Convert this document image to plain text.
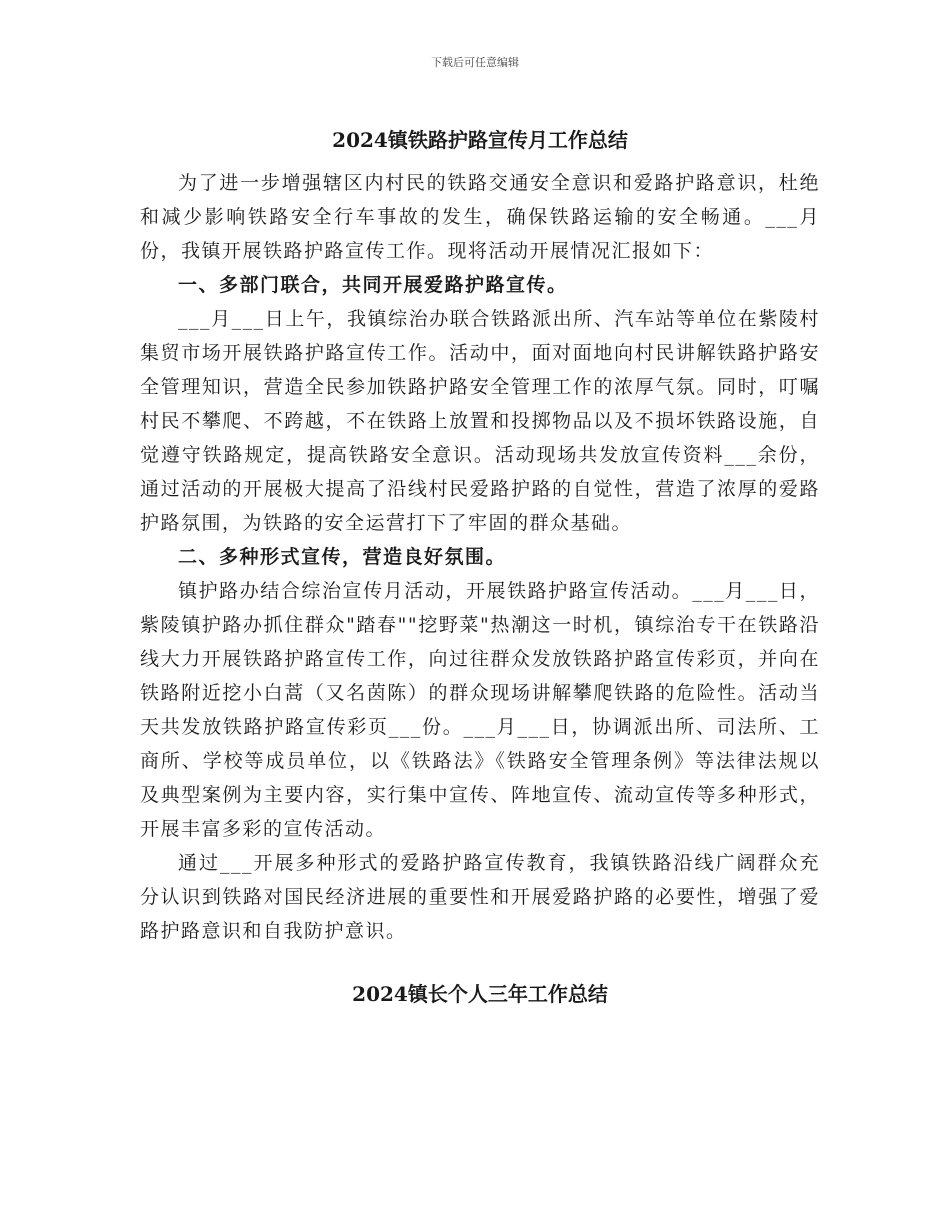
下载后可任意编辑
2024镇铁路护路宣传月工作总结

为了进一步增强辖区内村民的铁路交通安全意识和爱路护路意识，杜绝和减少影响铁路安全行车事故的发生，确保铁路运输的安全畅通。___月份，我镇开展铁路护路宣传工作。现将活动开展情况汇报如下：

一、多部门联合，共同开展爱路护路宣传。

___月___日上午，我镇综治办联合铁路派出所、汽车站等单位在紫陵村集贸市场开展铁路护路宣传工作。活动中，面对面地向村民讲解铁路护路安全管理知识，营造全民参加铁路护路安全管理工作的浓厚气氛。同时，叮嘱村民不攀爬、不跨越，不在铁路上放置和投掷物品以及不损坏铁路设施，自觉遵守铁路规定，提高铁路安全意识。活动现场共发放宣传资料___余份，通过活动的开展极大提高了沿线村民爱路护路的自觉性，营造了浓厚的爱路护路氛围，为铁路的安全运营打下了牢固的群众基础。

二、多种形式宣传，营造良好氛围。

镇护路办结合综治宣传月活动，开展铁路护路宣传活动。___月___日，紫陵镇护路办抓住群众"踏春""挖野菜"热潮这一时机，镇综治专干在铁路沿线大力开展铁路护路宣传工作，向过往群众发放铁路护路宣传彩页，并向在铁路附近挖小白蒿（又名茵陈）的群众现场讲解攀爬铁路的危险性。活动当天共发放铁路护路宣传彩页___份。___月___日，协调派出所、司法所、工商所、学校等成员单位，以《铁路法》《铁路安全管理条例》等法律法规以及典型案例为主要内容，实行集中宣传、阵地宣传、流动宣传等多种形式，开展丰富多彩的宣传活动。

通过___开展多种形式的爱路护路宣传教育，我镇铁路沿线广阔群众充分认识到铁路对国民经济进展的重要性和开展爱路护路的必要性，增强了爱路护路意识和自我防护意识。

2024镇长个人三年工作总结
